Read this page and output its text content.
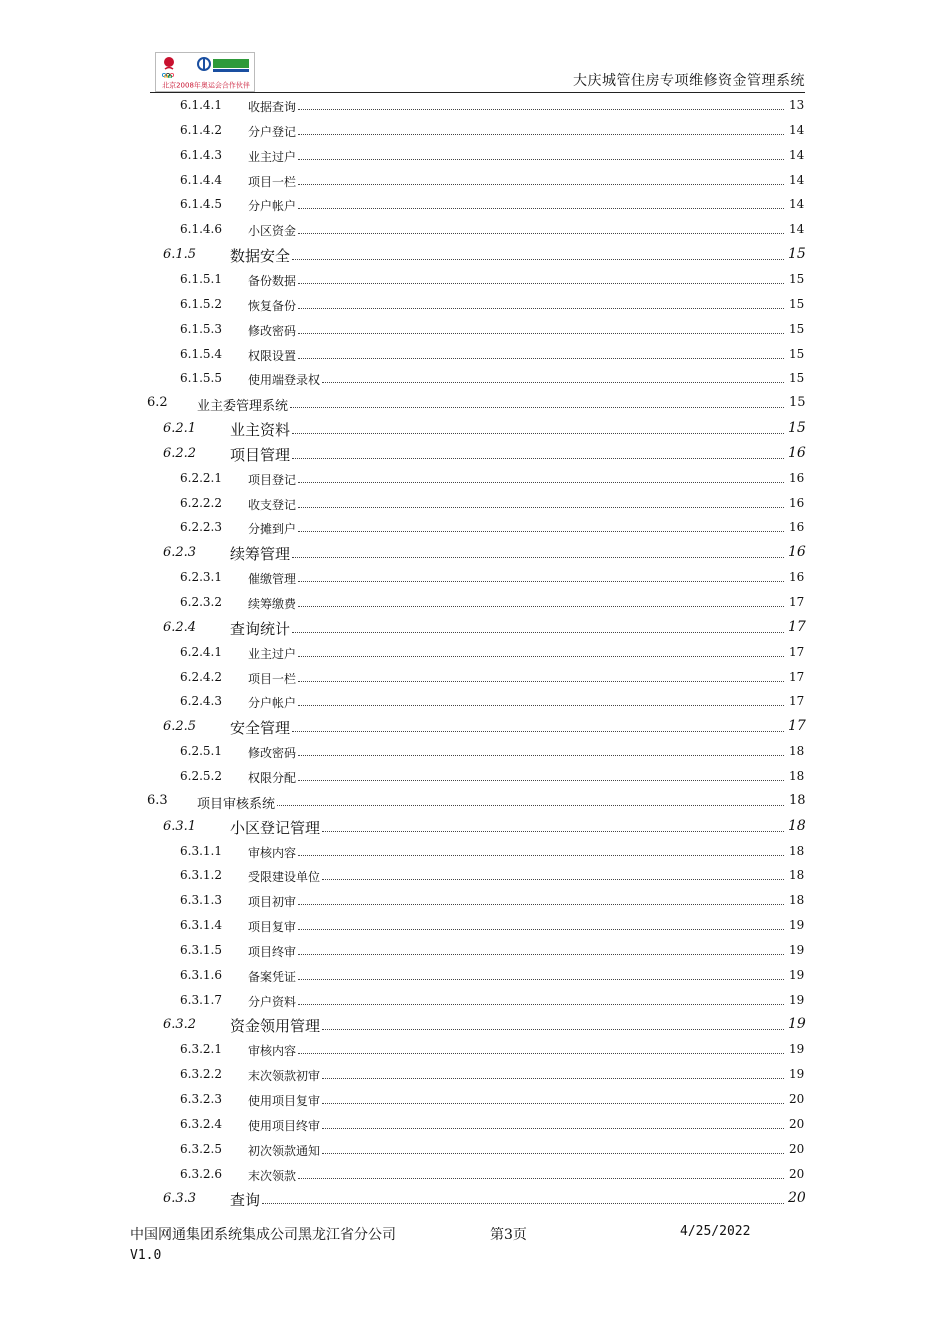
北京2008年奥运会合作伙伴	大庆城管住房专项维修资金管理系统
6.1.4.1 收据查询	13
6.1.4.2 分户登记	14
6.1.4.3 业主过户	14
6.1.4.4 项目一栏	14
6.1.4.5 分户帐户	14
6.1.4.6 小区资金	14
6.1.5 数据安全	15
6.1.5.1 备份数据	15
6.1.5.2 恢复备份	15
6.1.5.3 修改密码	15
6.1.5.4 权限设置	15
6.1.5.5 使用端登录权	15
6.2 业主委管理系统	15
6.2.1 业主资料	15
6.2.2 项目管理	16
6.2.2.1 项目登记	16
6.2.2.2 收支登记	16
6.2.2.3 分摊到户	16
6.2.3 续筹管理	16
6.2.3.1 催缴管理	16
6.2.3.2 续筹缴费	17
6.2.4 查询统计	17
6.2.4.1 业主过户	17
6.2.4.2 项目一栏	17
6.2.4.3 分户帐户	17
6.2.5 安全管理	17
6.2.5.1 修改密码	18
6.2.5.2 权限分配	18
6.3 项目审核系统	18
6.3.1 小区登记管理	18
6.3.1.1 审核内容	18
6.3.1.2 受限建设单位	18
6.3.1.3 项目初审	18
6.3.1.4 项目复审	19
6.3.1.5 项目终审	19
6.3.1.6 备案凭证	19
6.3.1.7 分户资料	19
6.3.2 资金领用管理	19
6.3.2.1 审核内容	19
6.3.2.2 末次领款初审	19
6.3.2.3 使用项目复审	20
6.3.2.4 使用项目终审	20
6.3.2.5 初次领款通知	20
6.3.2.6 末次领款	20
6.3.3 查询	20
中国网通集团系统集成公司黑龙江省分公司	第3页	4/25/2022
V1.0
